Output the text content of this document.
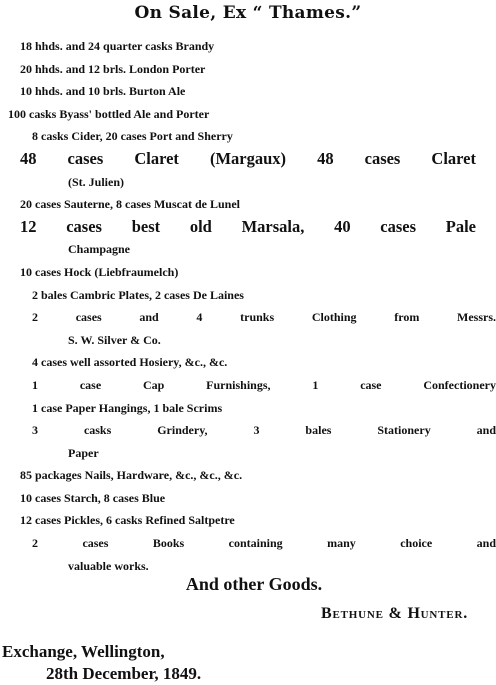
On Sale, Ex “ Thames.”
18 hhds. and 24 quarter casks Brandy
20 hhds. and 12 brls. London Porter
10 hhds. and 10 brls. Burton Ale
100 casks Byass' bottled Ale and Porter
8 casks Cider, 20 cases Port and Sherry
48 cases Claret (Margaux) 48 cases Claret
(St. Julien)
20 cases Sauterne, 8 cases Muscat de Lunel
12 cases best old Marsala, 40 cases Pale
Champagne
10 cases Hock (Liebfraumelch)
2 bales Cambric Plates, 2 cases De Laines
2 cases and 4 trunks Clothing from Messrs.
S. W. Silver & Co.
4 cases well assorted Hosiery, &c., &c.
1 case Cap Furnishings, 1 case Confectionery
1 case Paper Hangings, 1 bale Scrims
3 casks Grindery, 3 bales Stationery and
Paper
85 packages Nails, Hardware, &c., &c., &c.
10 cases Starch, 8 cases Blue
12 cases Pickles, 6 casks Refined Saltpetre
2 cases Books containing many choice and
valuable works.
And other Goods.
Bethune & Hunter.
Exchange, Wellington,
28th December, 1849.
